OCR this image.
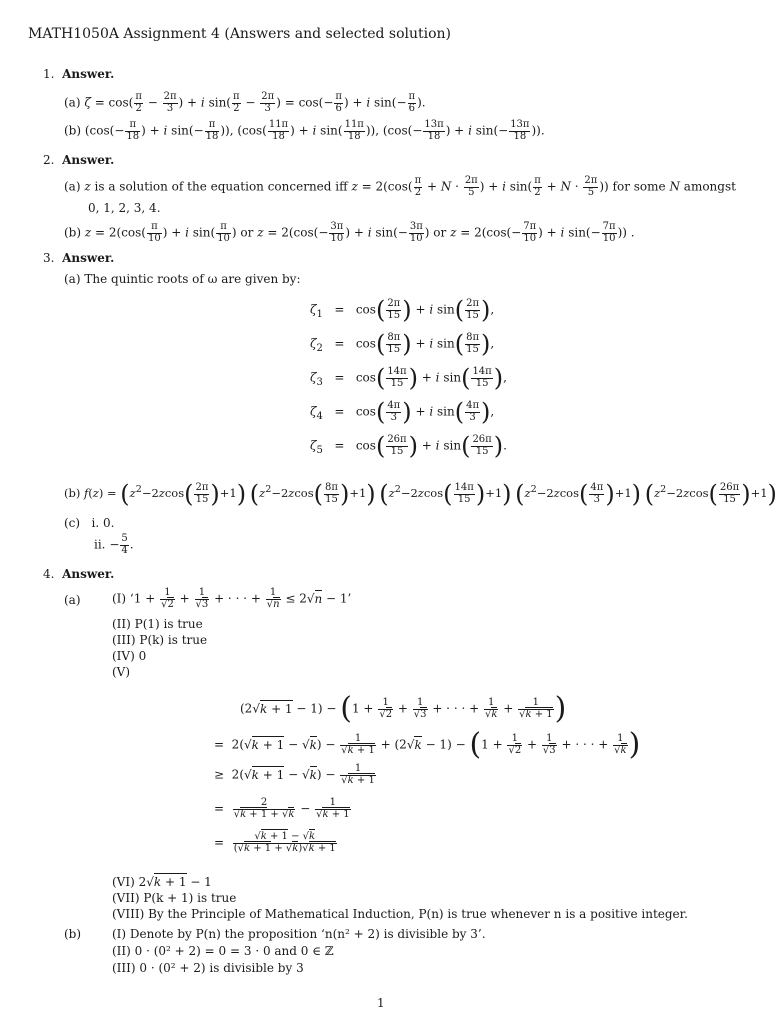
MATH1050A Assignment 4 (Answers and selected solution)
1. Answer.
(a) $\zeta = \cos( \frac{\pi}{2} - \frac{2\pi}{3}$ ) + i $\sin( \frac{\pi}{2} - \frac{2\pi}{3}$ ) = $\cos(- \frac{\pi}{6}$ ) + i $\sin(- \frac{\pi}{6}$ ).
(b) ($\cos(- \frac{\pi}{18}$ ) + i $\sin(- \frac{\pi}{18}$ )), ($\cos( \frac{11\pi}{18}$ ) + i $\sin( \frac{11\pi}{18}$ )), ($\cos(- \frac{13\pi}{18}$ ) + i $\sin(- \frac{13\pi}{18}$ )).
2. Answer.
(a) z is a solution of the equation concerned iff $z = 2(\cos( \frac{\pi}{2} + N \cdot \frac{2\pi}{5}$ ) + i $\sin( \frac{\pi}{2} + N \cdot \frac{2\pi}{5}$ )) for some N amongst
0, 1, 2, 3, 4.
(b) $z = 2(\cos( \frac{\pi}{10}$ ) + i $\sin( \frac{\pi}{10}$ ) or $z = 2(\cos(- \frac{3\pi}{10}$ ) + i $\sin(- \frac{3\pi}{10}$ ) or $z = 2(\cos(- \frac{7\pi}{10}$ ) + i $\sin(- \frac{7\pi}{10}$ )) .
3. Answer.
(a) The quintic roots of ω are given by:
$\zeta_1 = \cos( \frac{2\pi}{15}$ ) + i $\sin( \frac{2\pi}{15}$ ),
$\zeta_2 = \cos( \frac{8\pi}{15}$ ) + i $\sin( \frac{8\pi}{15}$ ),
$\zeta_3 = \cos( \frac{14\pi}{15}$ ) + i $\sin( \frac{14\pi}{15}$ ),
$\zeta_4 = \cos( \frac{4\pi}{3}$ ) + i $\sin( \frac{4\pi}{3}$ ),
$\zeta_5 = \cos( \frac{26\pi}{15}$ ) + i $\sin( \frac{26\pi}{15}$ ).
(b) $f(z) = (z^2-2zcos( \frac{2\pi}{15} )+1)$ $(z^2-2zcos( \frac{8\pi}{15} )+1)$ $(z^2-2zcos( \frac{14\pi}{15} )+1)$ $(z^2-2zcos( \frac{4\pi}{3} )+1)$ $(z^2-2zcos( \frac{26\pi}{15} )+1)$
(c) i. 0.
ii. − $\frac{5}{4}$ .
4. Answer.
(a)	(I) ‘$1 + \frac{1}{√2} + \frac{1}{√3}$ + · · · + $\frac{1}{√n} \le 2√n - 1$’
(II) P(1) is true
(III) P(k) is true
(IV) 0
(V)
$(2√k + 1 - 1) - (1 + \frac{1}{√2} + \frac{1}{√3}$ + · · · + $\frac{1}{√k} + \frac{1}{√k + 1}$ )
=  $2(√k + 1 - √k) - \frac{1}{√k + 1} + (2√k - 1) - (1 + \frac{1}{√2} + \frac{1}{√3}$ + · · · + $\frac{1}{√k}$ )
≥  $2(√k + 1 - √k) - \frac{1}{√k + 1}$
= $\frac{2}{√k + 1 + √k} - \frac{1}{√k + 1}$
= $\frac{√k + 1 - √k}{(√k + 1 + √k)√k + 1}$
(VI) 2√k + 1 − 1
(VII) P(k + 1) is true
(VIII) By the Principle of Mathematical Induction, P(n) is true whenever n is a positive integer.
(b)	(I) Denote by P(n) the proposition ‘n(n² + 2) is divisible by 3’.
(II) 0 · (0² + 2) = 0 = 3 · 0 and 0 ∈ ℤ
(III) 0 · (0² + 2) is divisible by 3
1
